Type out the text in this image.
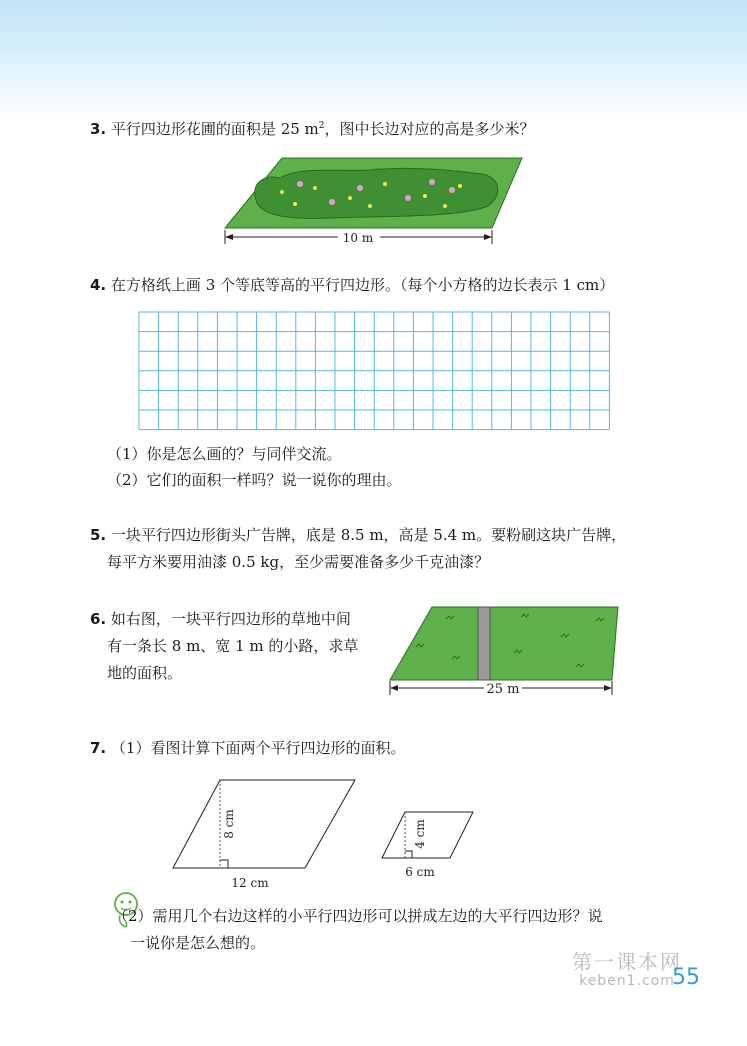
3. 平行四边形花圃的面积是 25 $m^2$，图中长边对应的高是多少米？
10 m
4. 在方格纸上画 3 个等底等高的平行四边形。（每个小方格的边长表示 1 cm）
（1）你是怎么画的？与同伴交流。
（2）它们的面积一样吗？说一说你的理由。
5. 一块平行四边形街头广告牌，底是 8.5 m，高是 5.4 m。要粉刷这块广告牌，
每平方米要用油漆 0.5 kg，至少需要准备多少千克油漆？
6. 如右图，一块平行四边形的草地中间
有一条长 8 m、宽 1 m 的小路，求草
地的面积。
25 m
7. （1）看图计算下面两个平行四边形的面积。
8 cm
12 cm
4 cm
6 cm
（2）需用几个右边这样的小平行四边形可以拼成左边的大平行四边形？说
一说你是怎么想的。
第一课本网
keben1.com
55
